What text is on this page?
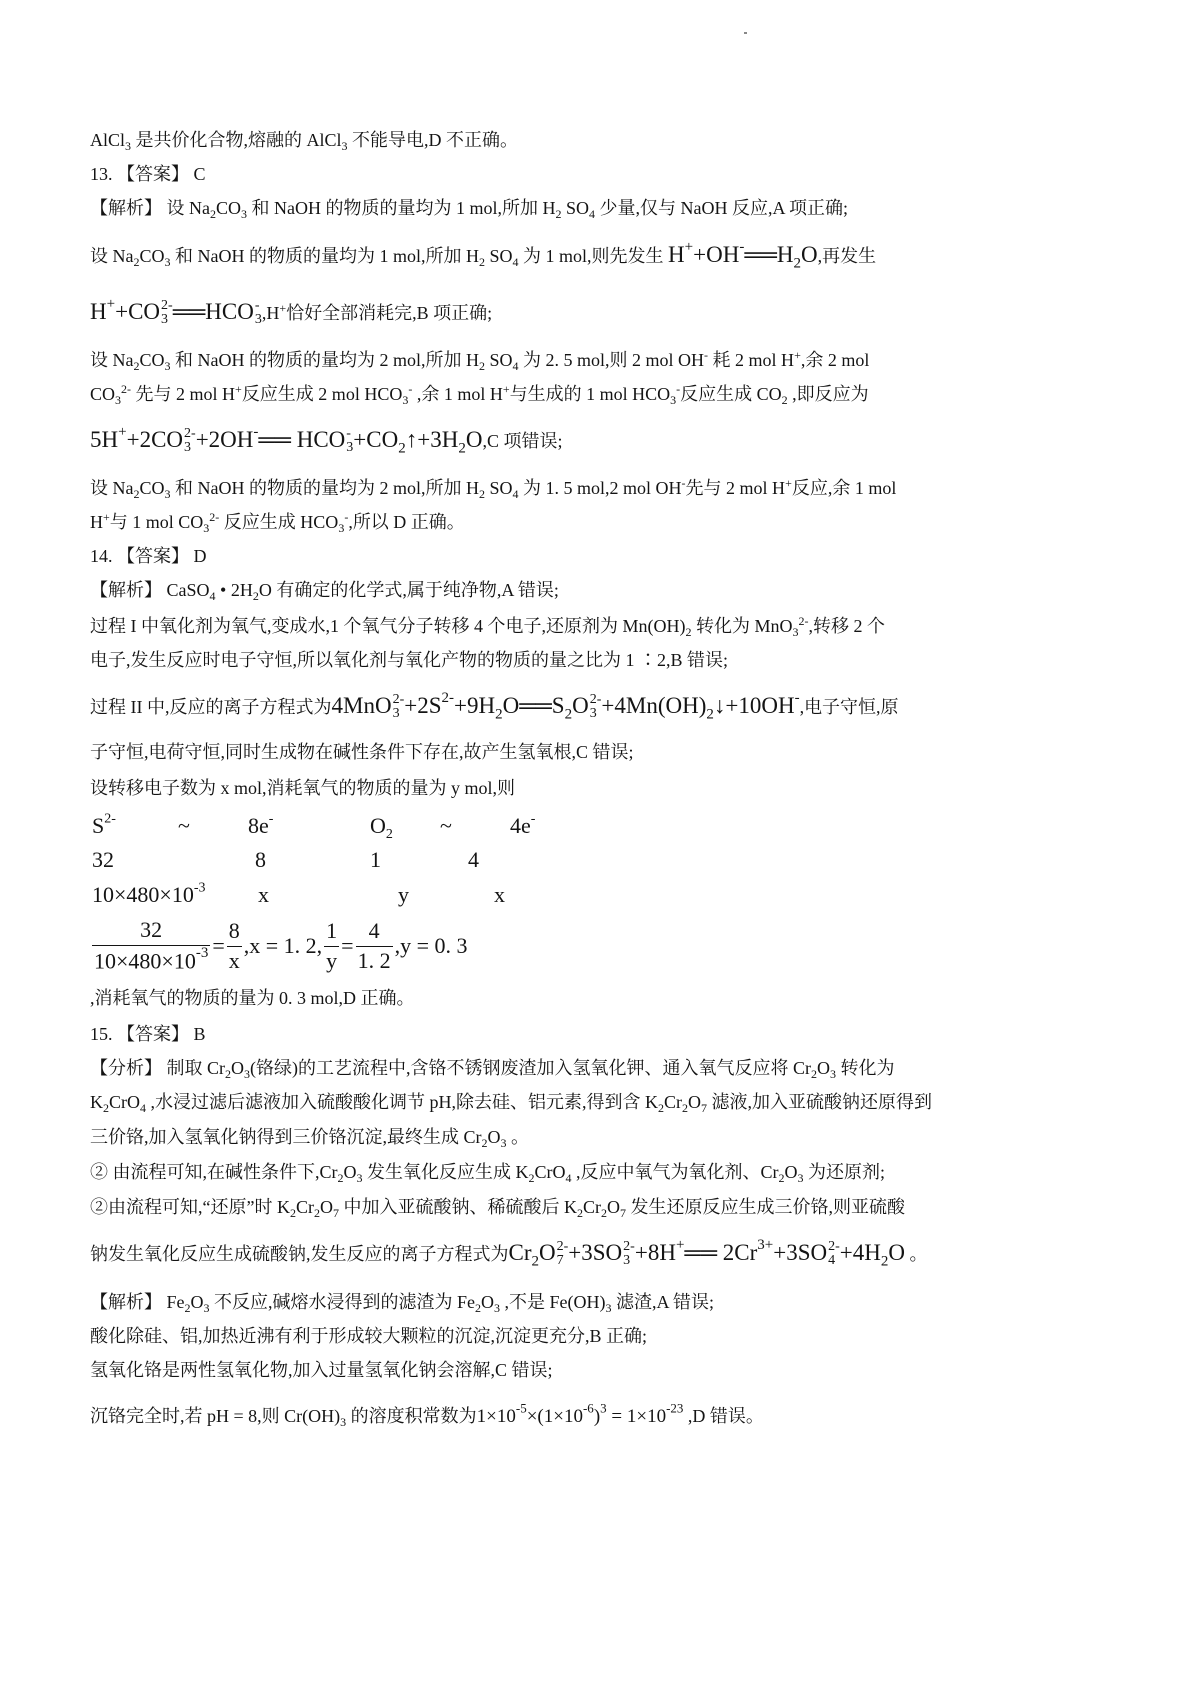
AlCl$_3$ 是共价化合物,熔融的 AlCl$_3$ 不能导电,D 不正确。
13. 【答案】 C
【解析】 设 $Na_2CO_3$ 和 NaOH 的物质的量均为 1 mol,所加 $H_2$ $SO_4$ 少量,仅与 NaOH 反应,A 项正确;
设 $Na_2CO_3$ 和 NaOH 的物质的量均为 1 mol,所加 $H_2$ $SO_4$ 为 1 mol,则先发生 $H^++OH^-══H_2O$,再发生
H++CO 2-
3 ══HCO -
3 ,H+恰好全部消耗完,B 项正确;
设 $Na_2CO_3$ 和 NaOH 的物质的量均为 2 mol,所加 $H_2$ $SO_4$ 为 2. 5 mol,则 2 mol OH- 耗 2 mol H+,余 2 mol
$CO_3^{2-}$ 先与 2 mol H+反应生成 2 mol $HCO_3^-$ ,余 1 mol H+与生成的 1 mol $HCO_3^-$反应生成 $CO_2$ ,即反应为
5H++2CO 2-
3 +2OH-══ HCO -
$3 +CO_2↑+3H_2O,C$ 项错误;
设 $Na_2CO_3$ 和 NaOH 的物质的量均为 2 mol,所加 $H_2$ $SO_4$ 为 1. 5 mol,2 mol OH-先与 2 mol H+反应,余 1 mol
H+与 1 mol $CO_3^{2-}$ 反应生成 $HCO_3^-$,所以 D 正确。
14. 【答案】 D
【解析】 CaSO$_4$ • $2H_2O$ 有确定的化学式,属于纯净物,A 错误;
过程 I 中氧化剂为氧气,变成水,1 个氧气分子转移 4 个电子,还原剂为 $Mn(OH)_2$ 转化为 MnO$_3^{2-}$,转移 2 个
电子,发生反应时电子守恒,所以氧化剂与氧化产物的物质的量之比为 1 ∶2,B 错误;
过程 II 中,反应的离子方程式为4MnO 2-
$3 +2S^{2-}+9H_2O══S_2O$ 2-
$3 +4Mn(OH)_2↓+10OH^-$,电子守恒,原
子守恒,电荷守恒,同时生成物在碱性条件下存在,故产生氢氧根,C 错误;
设转移电子数为 x mol,消耗氧气的物质的量为 y mol,则
$S^{2-}$	~	8e-	$O_2$ ~	4e-
32	8	1	4
$10\times 480\times 10^{-3}$ x	y	x
$\frac{32}{10\times 480\times 10^{-3}} = \frac{8}{x} ,x = 1$. 2, $\frac{1}{y} = \frac{4}{1. 2} ,y = 0$. 3
,消耗氧气的物质的量为 0. 3 mol,D 正确。
15. 【答案】 B
【分析】 制取 $Cr_2O_3$(铬绿)的工艺流程中,含铬不锈钢废渣加入氢氧化钾、通入氧气反应将 $Cr_2O_3$ 转化为
$K_2CrO_4$ ,水浸过滤后滤液加入硫酸酸化调节 pH,除去硅、铝元素,得到含 $K_2Cr_2O_7$ 滤液,加入亚硫酸钠还原得到
三价铬,加入氢氧化钠得到三价铬沉淀,最终生成 $Cr_2O_3$ 。
② 由流程可知,在碱性条件下$,Cr_2O_3$ 发生氧化反应生成 $K_2CrO_4$ ,反应中氧气为氧化剂、$Cr_2O_3$ 为还原剂;
②由流程可知,“还原”时 $K_2Cr_2O_7$ 中加入亚硫酸钠、稀硫酸后 $K_2Cr_2O_7$ 发生还原反应生成三价铬,则亚硫酸
钠发生氧化反应生成硫酸钠,发生反应的离子方程式为$Cr_2O$ 2-
7 +3SO 2-
3 +8H+══ $2Cr^{3+}+3SO$ 2-
$4 +4H_2O$ 。
【解析】 $Fe_2O_3$ 不反应,碱熔水浸得到的滤渣为 $Fe_2O_3$ ,不是 $Fe(OH)_3$ 滤渣,A 错误;
酸化除硅、铝,加热近沸有利于形成较大颗粒的沉淀,沉淀更充分,B 正确;
氢氧化铬是两性氢氧化物,加入过量氢氧化钠会溶解,C 错误;
沉铬完全时,若 pH = 8,则 $Cr(OH)_3$ 的溶度积常数为$1\times 10^{-5}\times(1\times 10^{-6})^3 = 1\times 10^{-23}$ ,D 错误。
